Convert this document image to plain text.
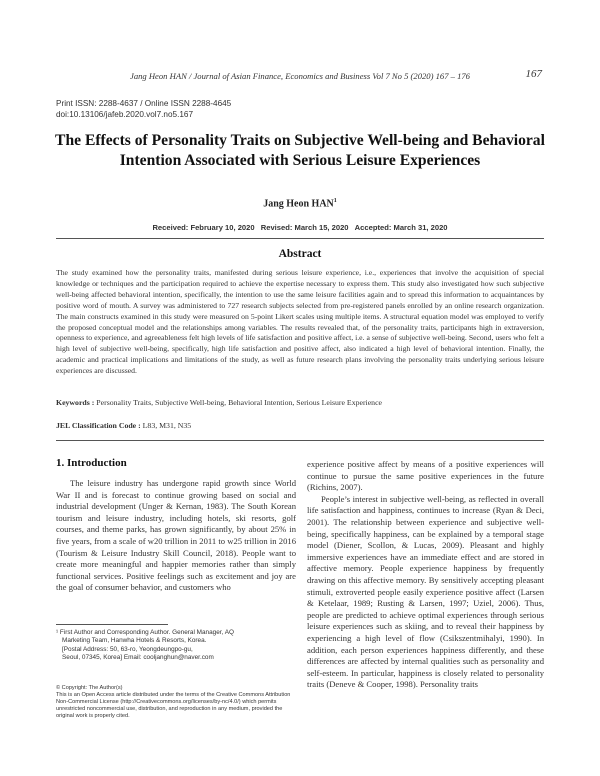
Jang Heon HAN / Journal of Asian Finance, Economics and Business Vol 7 No 5 (2020) 167 – 176	167
Print ISSN: 2288-4637 / Online ISSN 2288-4645
doi:10.13106/jafeb.2020.vol7.no5.167
The Effects of Personality Traits on Subjective Well-being and Behavioral
Intention Associated with Serious Leisure Experiences
Jang Heon HAN$^1$
Received: February 10, 2020 Revised: March 15, 2020 Accepted: March 31, 2020
Abstract
The study examined how the personality traits, manifested during serious leisure experience, i.e., experiences that involve the acquisition of special knowledge or techniques and the participation required to achieve the expertise necessary to express them. This study also investigated how such subjective well-being affected behavioral intention, specifically, the intention to use the same leisure facilities again and to spread this information to acquaintances by positive word of mouth. A survey was administered to 727 research subjects selected from pre-registered panels enrolled by an online research organization. The main constructs examined in this study were measured on 5-point Likert scales using multiple items. A structural equation model was employed to verify the proposed conceptual model and the relationships among variables. The results revealed that, of the personality traits, participants high in extraversion, openness to experience, and agreeableness felt high levels of life satisfaction and positive affect, i.e. a sense of subjective well-being. Second, users who felt a high level of subjective well-being, specifically, high life satisfaction and positive affect, also indicated a high level of behavioral intention. Finally, the academic and practical implications and limitations of the study, as well as future research plans involving the personality traits underlying serious leisure experiences are discussed.
Keywords : Personality Traits, Subjective Well-being, Behavioral Intention, Serious Leisure Experience
JEL Classification Code : L83, M31, N35
1. Introduction

The leisure industry has undergone rapid growth since World War II and is forecast to continue growing based on social and industrial development (Unger & Kernan, 1983). The South Korean tourism and leisure industry, including hotels, ski resorts, golf courses, and theme parks, has grown significantly, by about 25% in five years, from a scale of w20 trillion in 2011 to w25 trillion in 2016 (Tourism & Leisure Industry Skill Council, 2018). People want to create more meaningful and happier memories rather than simply functional services. Positive feelings such as excitement and joy are the goal of consumer behavior, and customers who

experience positive affect by means of a positive experiences will continue to pursue the same positive experiences in the future (Richins, 2007).

People’s interest in subjective well-being, as reflected in overall life satisfaction and happiness, continues to increase (Ryan & Deci, 2001). The relationship between experience and subjective well-being, specifically happiness, can be explained by a temporal stage model (Diener, Scollon, & Lucas, 2009). Pleasant and highly immersive experiences have an immediate effect and are stored in affective memory. People experience happiness by frequently drawing on this affective memory. By sensitively accepting pleasant stimuli, extroverted people easily experience positive affect (Larsen & Ketelaar, 1989; Rusting & Larsen, 1997; Uziel, 2006). Thus, people are predicted to achieve optimal experiences through serious leisure experiences such as skiing, and to reveal their happiness by experiencing a high level of flow (Csikszentmihalyi, 1990). In addition, each person experiences happiness differently, and these differences are affected by internal qualities such as personality and self-esteem. In particular, happiness is closely related to personality traits (Deneve & Cooper, 1998). Personality traits

¹ First Author and Corresponding Author. General Manager, AQ
Marketing Team, Hanwha Hotels & Resorts, Korea.
[Postal Address: 50, 63-ro, Yeongdeungpo-gu,
Seoul, 07345, Korea] Email: cooljanghun@naver.com
© Copyright: The Author(s)
This is an Open Access article distributed under the terms of the Creative Commons Attribution Non-Commercial License (http://Creativecommons.org/licenses/by-nc/4.0/) which permits unrestricted noncommercial use, distribution, and reproduction in any medium, provided the original work is properly cited.
